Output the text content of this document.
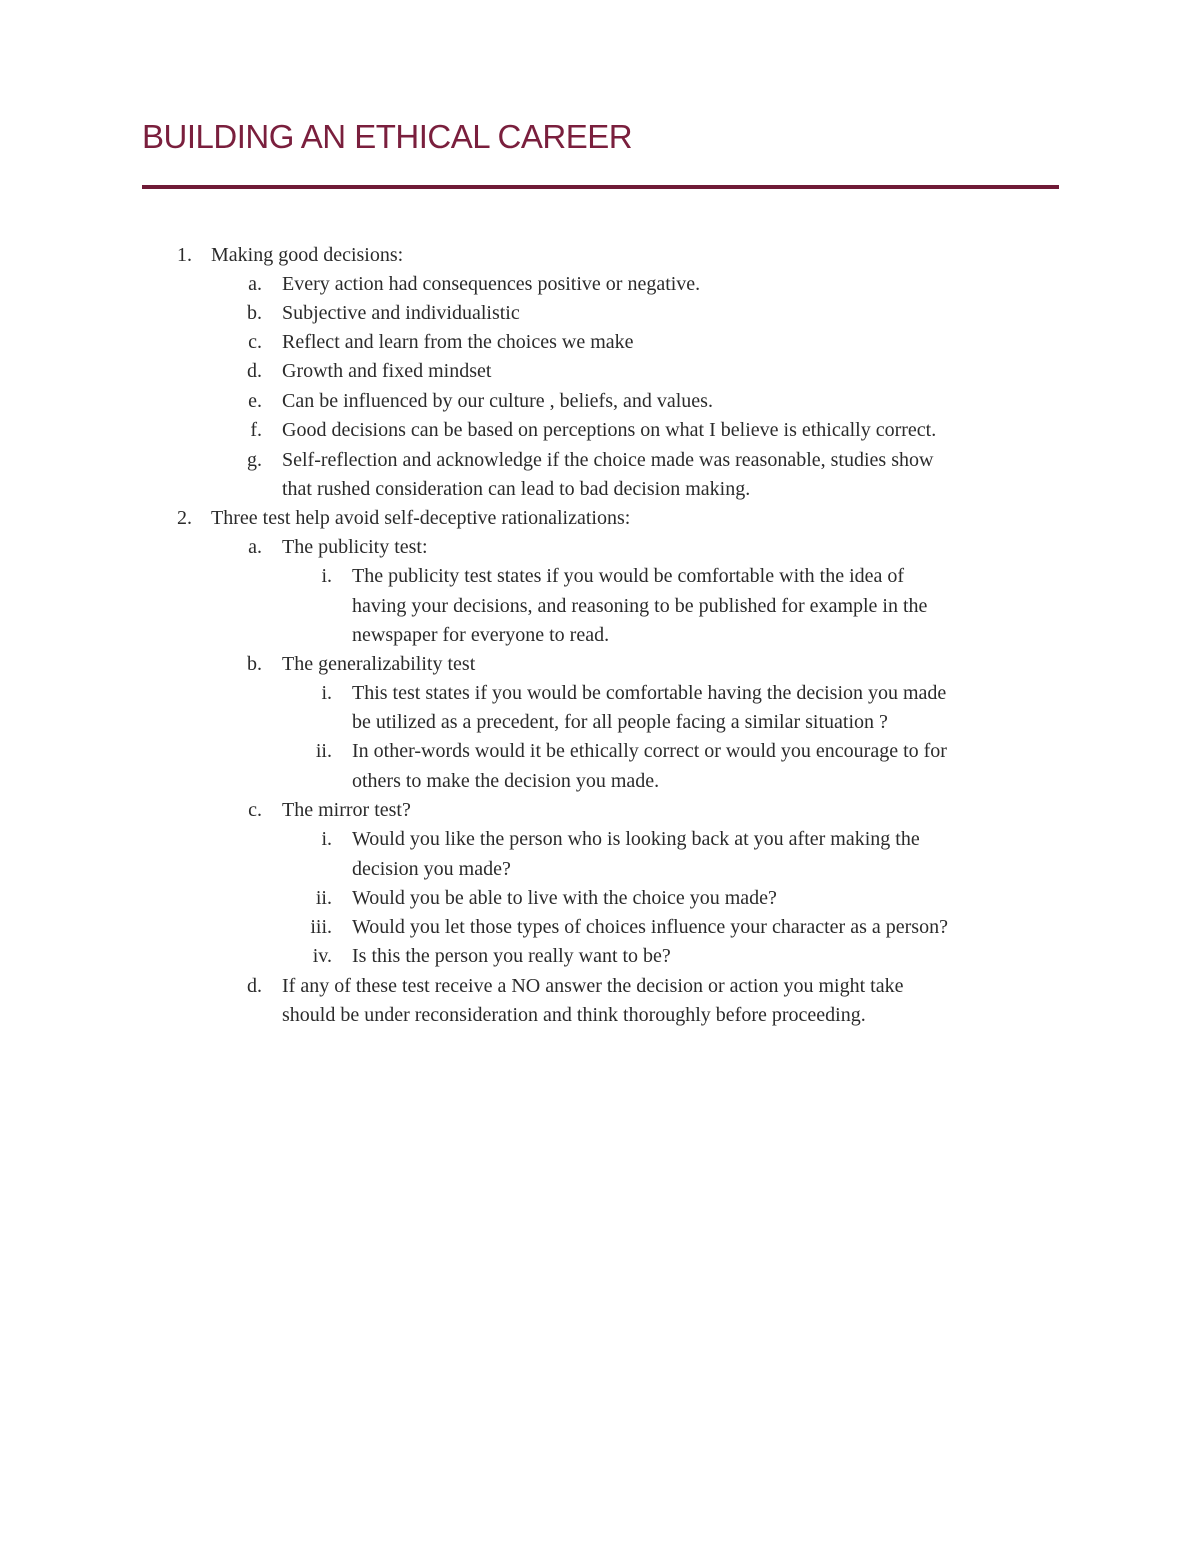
BUILDING AN ETHICAL CAREER
1. Making good decisions:
a. Every action had consequences positive or negative.
b. Subjective and individualistic
c. Reflect and learn from the choices we make
d. Growth and fixed mindset
e. Can be influenced by our culture , beliefs, and values.
f. Good decisions can be based on perceptions on what I believe is ethically correct.
g. Self-reflection and acknowledge if the choice made was reasonable, studies show
that rushed consideration can lead to bad decision making.
2. Three test help avoid self-deceptive rationalizations:
a. The publicity test:
i. The publicity test states if you would be comfortable with the idea of
having your decisions, and reasoning to be published for example in the
newspaper for everyone to read.
b. The generalizability test
i. This test states if you would be comfortable having the decision you made
be utilized as a precedent, for all people facing a similar situation ?
ii. In other-words would it be ethically correct or would you encourage to for
others to make the decision you made.
c. The mirror test?
i. Would you like the person who is looking back at you after making the
decision you made?
ii. Would you be able to live with the choice you made?
iii. Would you let those types of choices influence your character as a person?
iv. Is this the person you really want to be?
d. If any of these test receive a NO answer the decision or action you might take
should be under reconsideration and think thoroughly before proceeding.
